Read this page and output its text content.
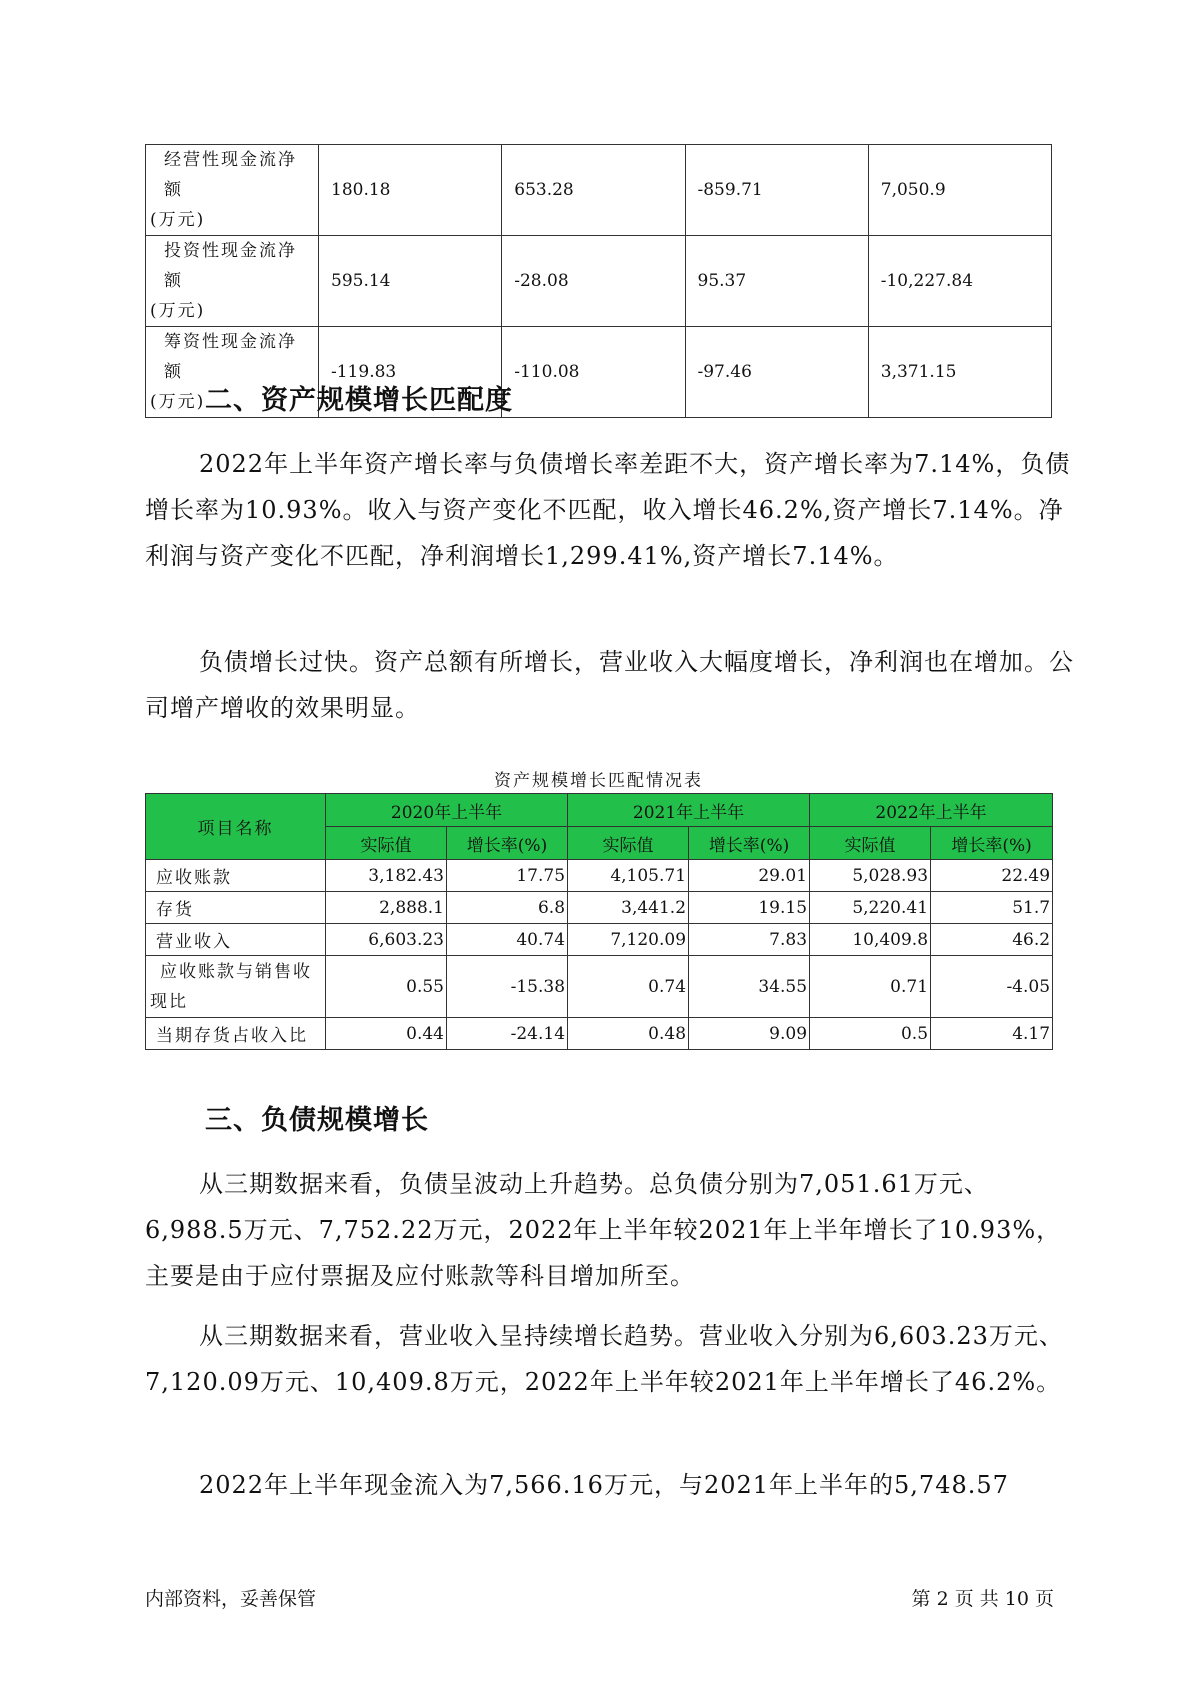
经营性现金流净额
(万元)	180.18	653.28	-859.71	7,050.9

投资性现金流净额
(万元)	595.14	-28.08	95.37	-10,227.84

筹资性现金流净额
(万元)	-119.83	-110.08	-97.46	3,371.15
二、资产规模增长匹配度

2022年上半年资产增长率与负债增长率差距不大，资产增长率为7.14%，负债增长率为10.93%。收入与资产变化不匹配，收入增长46.2%,资产增长7.14%。净利润与资产变化不匹配，净利润增长1,299.41%,资产增长7.14%。

负债增长过快。资产总额有所增长，营业收入大幅度增长，净利润也在增加。公司增产增收的效果明显。

资产规模增长匹配情况表
项目名称	2020年上半年		2021年上半年		2022年上半年	
	实际值	增长率(%)	实际值	增长率(%)	实际值	增长率(%)
应收账款	3,182.43	17.75	4,105.71	29.01	5,028.93	22.49
存货	2,888.1	6.8	3,441.2	19.15	5,220.41	51.7
营业收入	6,603.23	40.74	7,120.09	7.83	10,409.8	46.2

应收账款与销售收
现比	0.55	-15.38	0.74	34.55	0.71	-4.05
当期存货占收入比	0.44	-24.14	0.48	9.09	0.5	4.17
三、负债规模增长

从三期数据来看，负债呈波动上升趋势。总负债分别为7,051.61万元、6,988.5万元、7,752.22万元，2022年上半年较2021年上半年增长了10.93%，主要是由于应付票据及应付账款等科目增加所至。

从三期数据来看，营业收入呈持续增长趋势。营业收入分别为6,603.23万元、7,120.09万元、10,409.8万元，2022年上半年较2021年上半年增长了46.2%。

2022年上半年现金流入为7,566.16万元，与2021年上半年的5,748.57

内部资料，妥善保管	第 2 页 共 10 页
